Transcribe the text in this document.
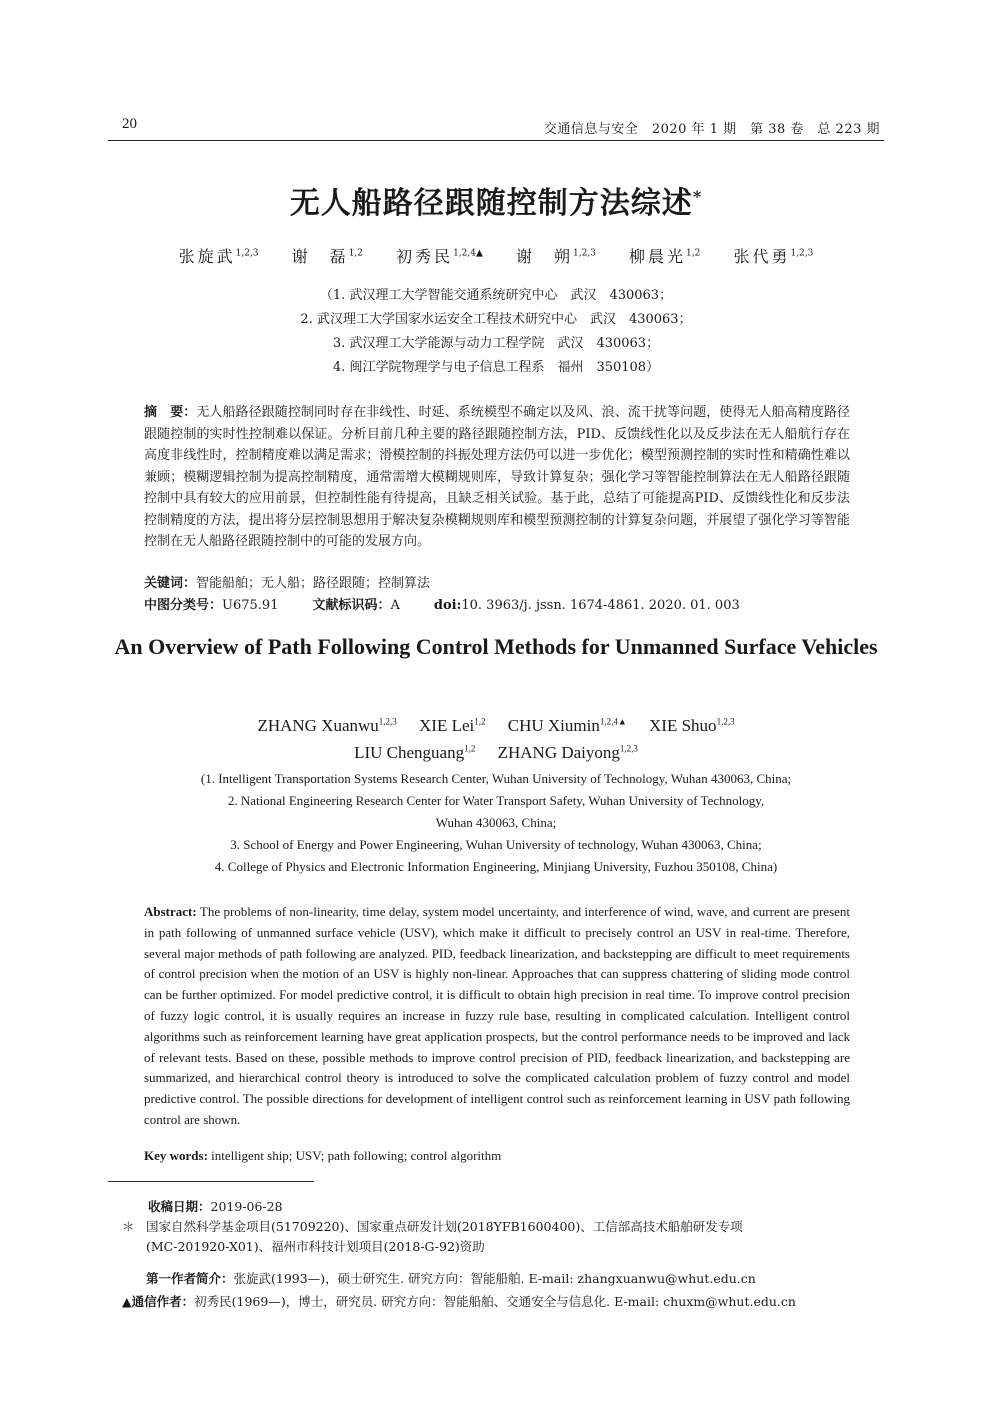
20	交通信息与安全　2020 年 1 期　第 38 卷　总 223 期
无人船路径跟随控制方法综述*
张旋武$^{1,2,3}$ 谢　磊$^{1,2}$ 初秀民$^{1,2,4▲}$ 谢　朔$^{1,2,3}$ 柳晨光$^{1,2}$ 张代勇$^{1,2,3}$
（1. 武汉理工大学智能交通系统研究中心　武汉　430063；
2. 武汉理工大学国家水运安全工程技术研究中心　武汉　430063；
3. 武汉理工大学能源与动力工程学院　武汉　430063；
4. 闽江学院物理学与电子信息工程系　福州　350108）
摘　要：无人船路径跟随控制同时存在非线性、时延、系统模型不确定以及风、浪、流干扰等问题，使得无人船高精度路径跟随控制的实时性控制难以保证。分析目前几种主要的路径跟随控制方法，PID、反馈线性化以及反步法在无人船航行存在高度非线性时，控制精度难以满足需求；滑模控制的抖振处理方法仍可以进一步优化；模型预测控制的实时性和精确性难以兼顾；模糊逻辑控制为提高控制精度，通常需增大模糊规则库，导致计算复杂；强化学习等智能控制算法在无人船路径跟随控制中具有较大的应用前景，但控制性能有待提高，且缺乏相关试验。基于此，总结了可能提高PID、反馈线性化和反步法控制精度的方法，提出将分层控制思想用于解决复杂模糊规则库和模型预测控制的计算复杂问题，并展望了强化学习等智能控制在无人船路径跟随控制中的可能的发展方向。
关键词：智能船舶；无人船；路径跟随；控制算法
中图分类号：U675.91	文献标识码：A	doi:10. 3963/j. jssn. 1674-4861. 2020. 01. 003
An Overview of Path Following Control Methods for Unmanned Surface Vehicles
ZHANG Xuanwu$^{1,2,3}$ XIE Lei$^{1,2}$ CHU Xiumin$^{1,2,4▲}$ XIE Shuo$^{1,2,3}$
LIU Chenguang$^{1,2}$ ZHANG Daiyong$^{1,2,3}$
(1. Intelligent Transportation Systems Research Center, Wuhan University of Technology, Wuhan 430063, China;
2. National Engineering Research Center for Water Transport Safety, Wuhan University of Technology,
Wuhan 430063, China;
3. School of Energy and Power Engineering, Wuhan University of technology, Wuhan 430063, China;
4. College of Physics and Electronic Information Engineering, Minjiang University, Fuzhou 350108, China)
Abstract: The problems of non-linearity, time delay, system model uncertainty, and interference of wind, wave, and current are present in path following of unmanned surface vehicle (USV), which make it difficult to precisely control an USV in real-time. Therefore, several major methods of path following are analyzed. PID, feedback linearization, and backstepping are difficult to meet requirements of control precision when the motion of an USV is highly non-linear. Approaches that can suppress chattering of sliding mode control can be further optimized. For model predictive control, it is difficult to obtain high precision in real time. To improve control precision of fuzzy logic control, it is usually requires an increase in fuzzy rule base, resulting in complicated calculation. Intelligent control algorithms such as reinforcement learning have great application prospects, but the control performance needs to be improved and lack of relevant tests. Based on these, possible methods to improve control precision of PID, feedback linearization, and backstepping are summarized, and hierarchical control theory is introduced to solve the complicated calculation problem of fuzzy control and model predictive control. The possible directions for development of intelligent control such as reinforcement learning in USV path following control are shown.
Key words: intelligent ship; USV; path following; control algorithm
收稿日期：2019-06-28
＊ 国家自然科学基金项目(51709220)、国家重点研发计划(2018YFB1600400)、工信部高技术船舶研发专项
(MC-201920-X01)、福州市科技计划项目(2018-G-92)资助
第一作者简介：张旋武(1993—)，硕士研究生. 研究方向：智能船舶. E-mail: zhangxuanwu@whut.edu.cn
▲通信作者：初秀民(1969—)，博士，研究员. 研究方向：智能船舶、交通安全与信息化. E-mail: chuxm@whut.edu.cn
